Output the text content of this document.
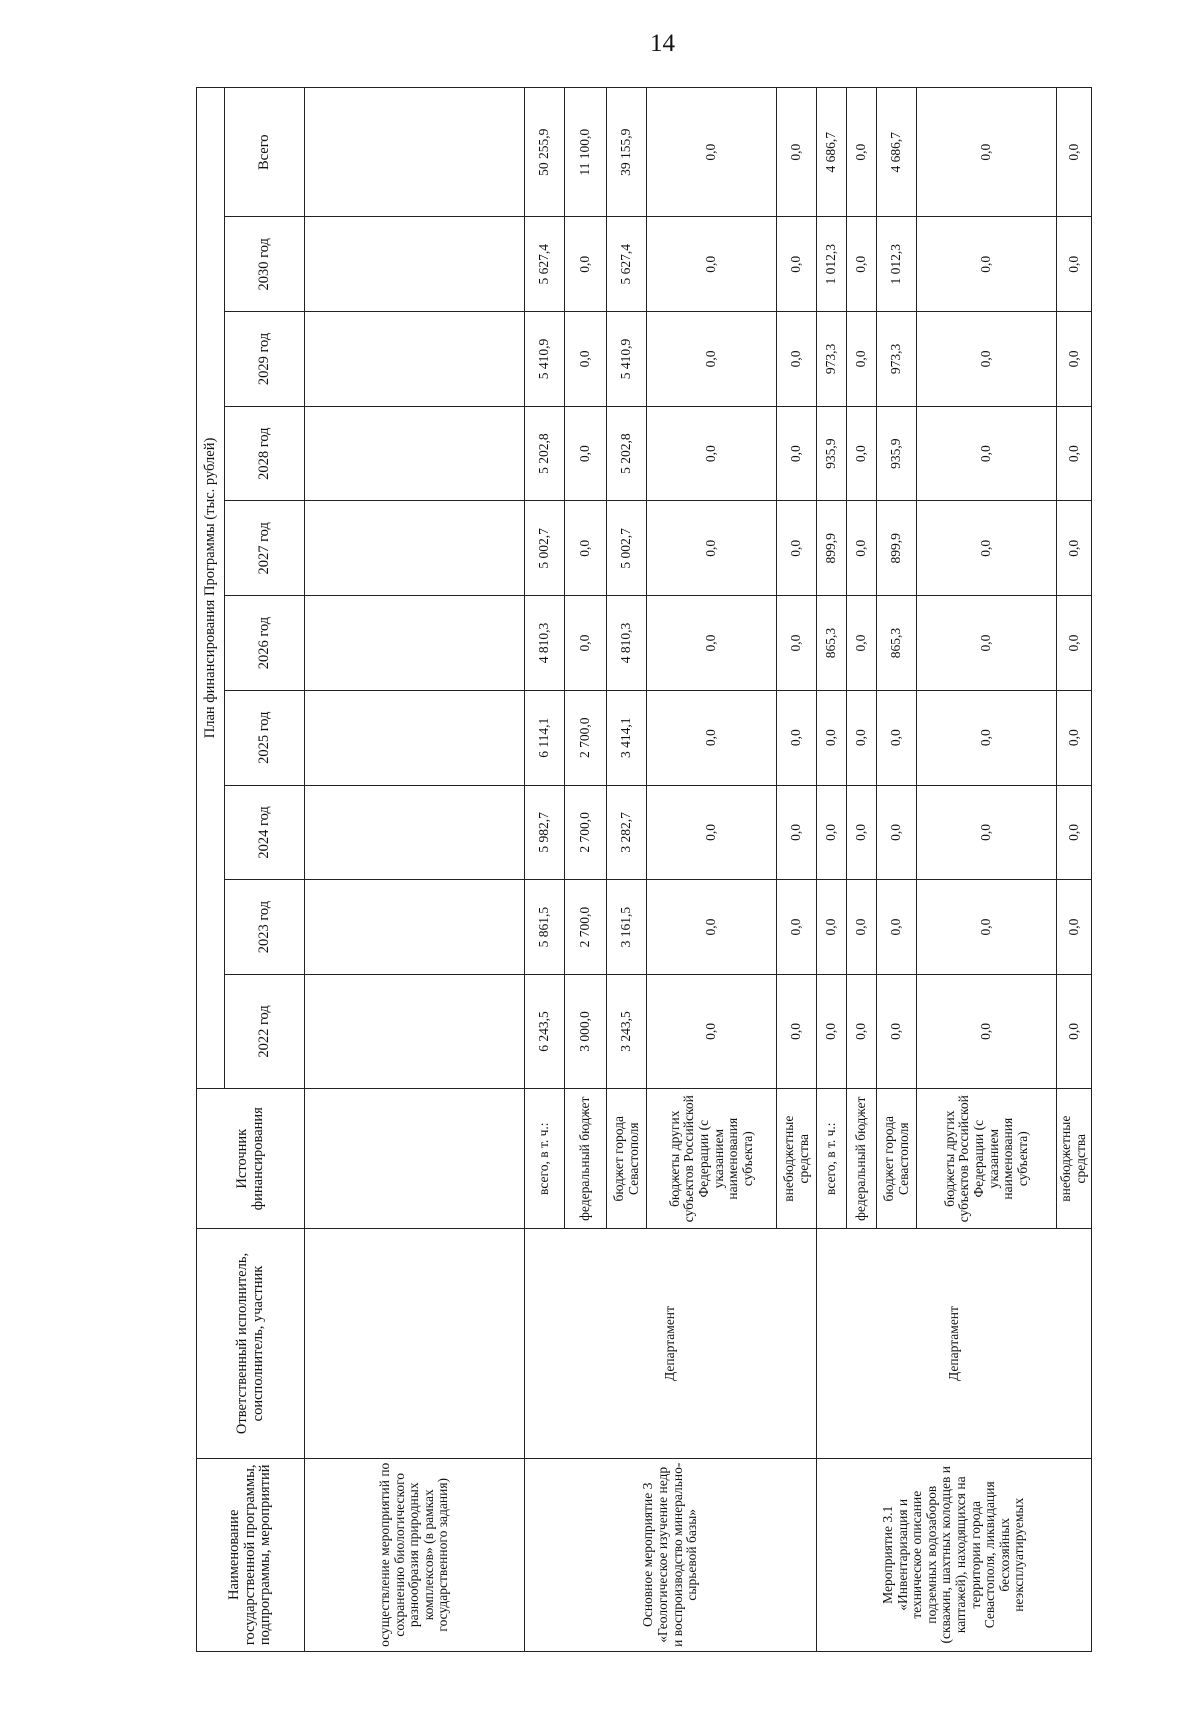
14
Наименование государственной программы, подпрограммы, мероприятий	Ответственный исполнитель, соисполнитель, участник	Источник финансирования	План финансирования Программы (тыс. рублей)									
			2022 год	2023 год	2024 год	2025 год	2026 год	2027 год	2028 год	2029 год	2030 год	Всего
осуществление мероприятий по сохранению биологического разнообразия природных комплексов» (в рамках государственного задания)												
Основное мероприятие 3 «Геологическое изучение недр и воспроизводство минерально-сырьевой базы»	Департамент	всего, в т. ч.:	6 243,5	5 861,5	5 982,7	6 114,1	4 810,3	5 002,7	5 202,8	5 410,9	5 627,4	50 255,9
		федеральный бюджет	3 000,0	2 700,0	2 700,0	2 700,0	0,0	0,0	0,0	0,0	0,0	11 100,0
		бюджет города Севастополя	3 243,5	3 161,5	3 282,7	3 414,1	4 810,3	5 002,7	5 202,8	5 410,9	5 627,4	39 155,9
		бюджеты других субъектов Российской Федерации (с указанием наименования субъекта)	0,0	0,0	0,0	0,0	0,0	0,0	0,0	0,0	0,0	0,0
		внебюджетные средства	0,0	0,0	0,0	0,0	0,0	0,0	0,0	0,0	0,0	0,0
Мероприятие 3.1 «Инвентаризация и техническое описание подземных водозаборов (скважин, шахтных колодцев и каптажей), находящихся на территории города Севастополя, ликвидация бесхозяйных неэксплуатируемых	Департамент	всего, в т. ч.:	0,0	0,0	0,0	0,0	865,3	899,9	935,9	973,3	1 012,3	4 686,7
		федеральный бюджет	0,0	0,0	0,0	0,0	0,0	0,0	0,0	0,0	0,0	0,0
		бюджет города Севастополя	0,0	0,0	0,0	0,0	865,3	899,9	935,9	973,3	1 012,3	4 686,7
		бюджеты других субъектов Российской Федерации (с указанием наименования субъекта)	0,0	0,0	0,0	0,0	0,0	0,0	0,0	0,0	0,0	0,0
		внебюджетные средства	0,0	0,0	0,0	0,0	0,0	0,0	0,0	0,0	0,0	0,0
